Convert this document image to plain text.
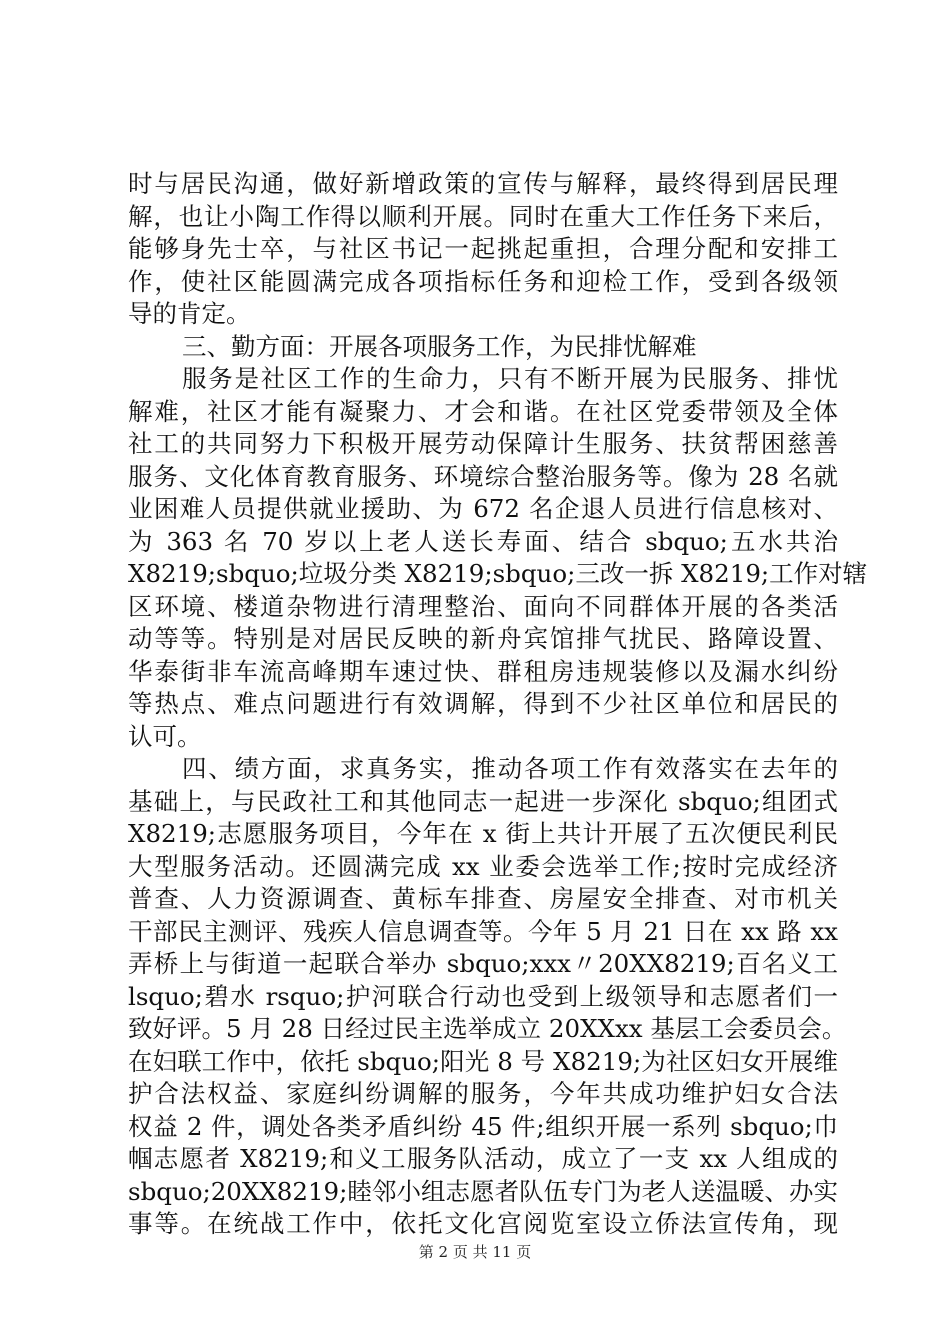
时与居民沟通，做好新增政策的宣传与解释，最终得到居民理
解，也让小陶工作得以顺利开展。同时在重大工作任务下来后，
能够身先士卒，与社区书记一起挑起重担，合理分配和安排工
作，使社区能圆满完成各项指标任务和迎检工作，受到各级领
导的肯定。
三、勤方面：开展各项服务工作，为民排忧解难
服务是社区工作的生命力，只有不断开展为民服务、排忧
解难，社区才能有凝聚力、才会和谐。在社区党委带领及全体
社工的共同努力下积极开展劳动保障计生服务、扶贫帮困慈善
服务、文化体育教育服务、环境综合整治服务等。像为 28 名就
业困难人员提供就业援助、为 672 名企退人员进行信息核对、
为 363 名 70 岁以上老人送长寿面、结合 sbquo;五水共治
X8219;sbquo;垃圾分类 X8219;sbquo;三改一拆 X8219;工作对辖
区环境、楼道杂物进行清理整治、面向不同群体开展的各类活
动等等。特别是对居民反映的新舟宾馆排气扰民、路障设置、
华泰街非车流高峰期车速过快、群租房违规装修以及漏水纠纷
等热点、难点问题进行有效调解，得到不少社区单位和居民的
认可。
四、绩方面，求真务实，推动各项工作有效落实在去年的
基础上，与民政社工和其他同志一起进一步深化 sbquo;组团式
X8219;志愿服务项目，今年在 x 街上共计开展了五次便民利民
大型服务活动。还圆满完成 xx 业委会选举工作;按时完成经济
普查、人力资源调查、黄标车排查、房屋安全排查、对市机关
干部民主测评、残疾人信息调查等。今年 5 月 21 日在 xx 路 xx
弄桥上与街道一起联合举办 sbquo;xxx〃20XX8219;百名义工
lsquo;碧水 rsquo;护河联合行动也受到上级领导和志愿者们一
致好评。5 月 28 日经过民主选举成立 20XXxx 基层工会委员会。
在妇联工作中，依托 sbquo;阳光 8 号 X8219;为社区妇女开展维
护合法权益、家庭纠纷调解的服务，今年共成功维护妇女合法
权益 2 件，调处各类矛盾纠纷 45 件;组织开展一系列 sbquo;巾
帼志愿者 X8219;和义工服务队活动，成立了一支 xx 人组成的
sbquo;20XX8219;睦邻小组志愿者队伍专门为老人送温暖、办实
事等。在统战工作中，依托文化宫阅览室设立侨法宣传角，现
第 2 页 共 11 页
